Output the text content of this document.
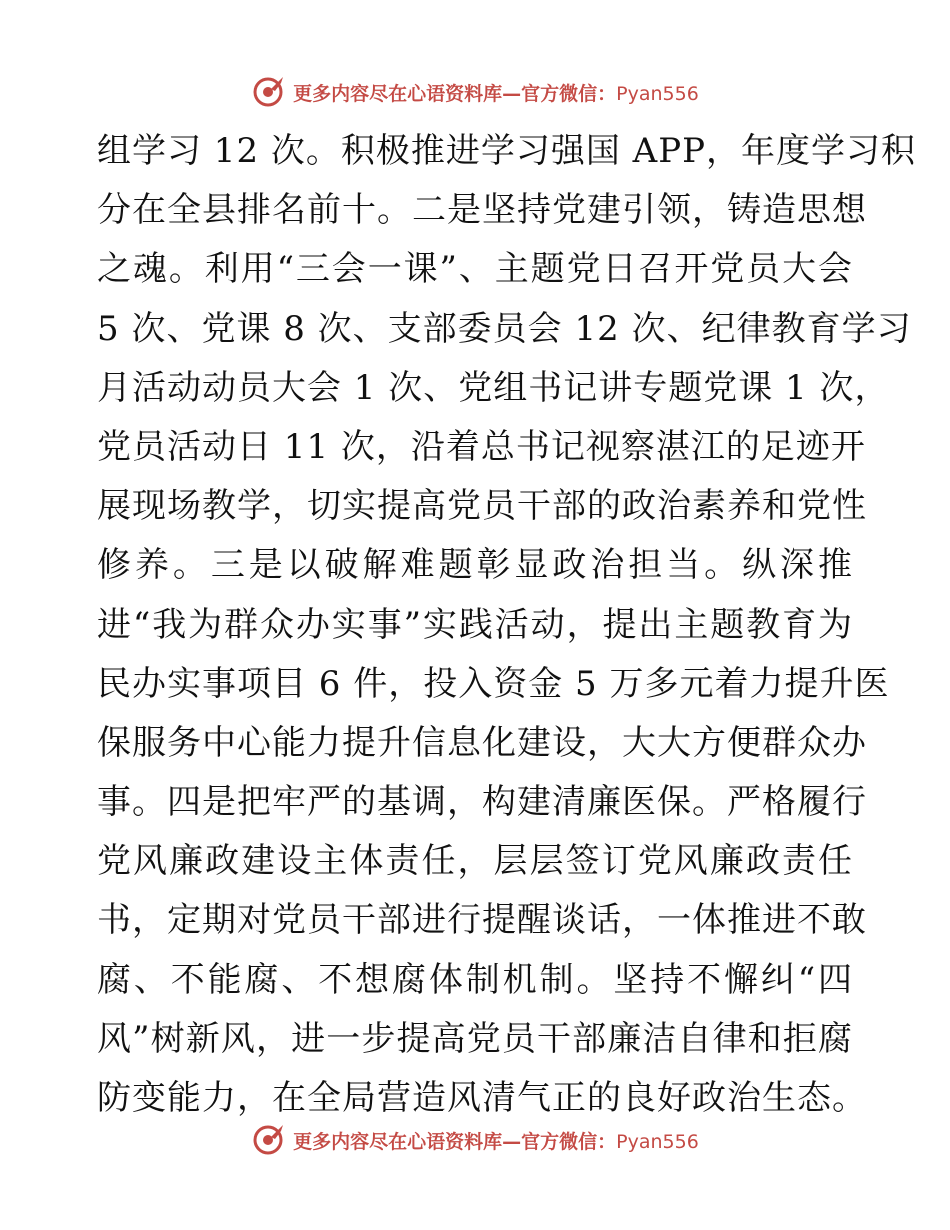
更多内容尽在心语资料库—官方微信：Pyan556
组学习 12 次。积极推进学习强国 APP，年度学习积
分在全县排名前十。二是坚持党建引领，铸造思想
之魂。利用“三会一课”、主题党日召开党员大会
5 次、党课 8 次、支部委员会 12 次、纪律教育学习
月活动动员大会 1 次、党组书记讲专题党课 1 次，
党员活动日 11 次，沿着总书记视察湛江的足迹开
展现场教学，切实提高党员干部的政治素养和党性
修养。三是以破解难题彰显政治担当。纵深推
进“我为群众办实事”实践活动，提出主题教育为
民办实事项目 6 件，投入资金 5 万多元着力提升医
保服务中心能力提升信息化建设，大大方便群众办
事。四是把牢严的基调，构建清廉医保。严格履行
党风廉政建设主体责任，层层签订党风廉政责任
书，定期对党员干部进行提醒谈话，一体推进不敢
腐、不能腐、不想腐体制机制。坚持不懈纠“四
风”树新风，进一步提高党员干部廉洁自律和拒腐
防变能力，在全局营造风清气正的良好政治生态。
更多内容尽在心语资料库—官方微信：Pyan556
